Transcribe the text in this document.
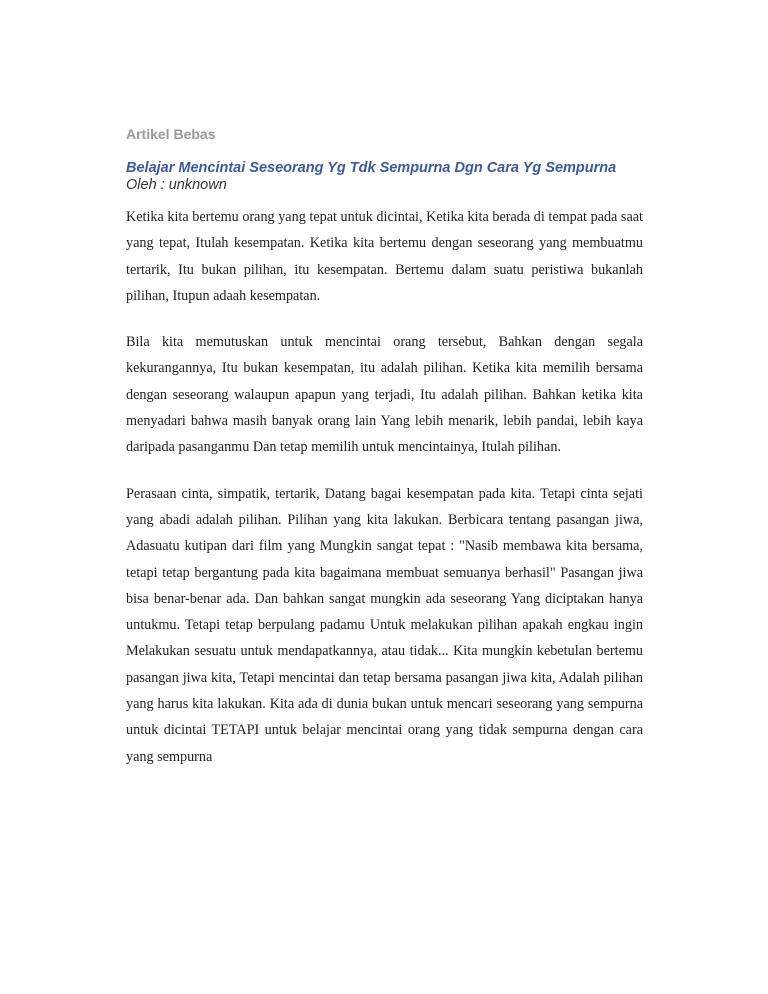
Artikel Bebas
Belajar Mencintai Seseorang Yg Tdk Sempurna Dgn Cara Yg Sempurna
Oleh : unknown

Ketika kita bertemu orang yang tepat untuk dicintai, Ketika kita berada di tempat pada saat yang tepat, Itulah kesempatan. Ketika kita bertemu dengan seseorang yang membuatmu tertarik, Itu bukan pilihan, itu kesempatan. Bertemu dalam suatu peristiwa bukanlah pilihan, Itupun adaah kesempatan.

Bila kita memutuskan untuk mencintai orang tersebut, Bahkan dengan segala kekurangannya, Itu bukan kesempatan, itu adalah pilihan. Ketika kita memilih bersama dengan seseorang walaupun apapun yang terjadi, Itu adalah pilihan. Bahkan ketika kita menyadari bahwa masih banyak orang lain Yang lebih menarik, lebih pandai, lebih kaya daripada pasanganmu Dan tetap memilih untuk mencintainya, Itulah pilihan.

Perasaan cinta, simpatik, tertarik, Datang bagai kesempatan pada kita. Tetapi cinta sejati yang abadi adalah pilihan. Pilihan yang kita lakukan. Berbicara tentang pasangan jiwa, Adasuatu kutipan dari film yang Mungkin sangat tepat : "Nasib membawa kita bersama, tetapi tetap bergantung pada kita bagaimana membuat semuanya berhasil" Pasangan jiwa bisa benar-benar ada. Dan bahkan sangat mungkin ada seseorang Yang diciptakan hanya untukmu. Tetapi tetap berpulang padamu Untuk melakukan pilihan apakah engkau ingin Melakukan sesuatu untuk mendapatkannya, atau tidak... Kita mungkin kebetulan bertemu pasangan jiwa kita, Tetapi mencintai dan tetap bersama pasangan jiwa kita, Adalah pilihan yang harus kita lakukan. Kita ada di dunia bukan untuk mencari seseorang yang sempurna untuk dicintai TETAPI untuk belajar mencintai orang yang tidak sempurna dengan cara yang sempurna
